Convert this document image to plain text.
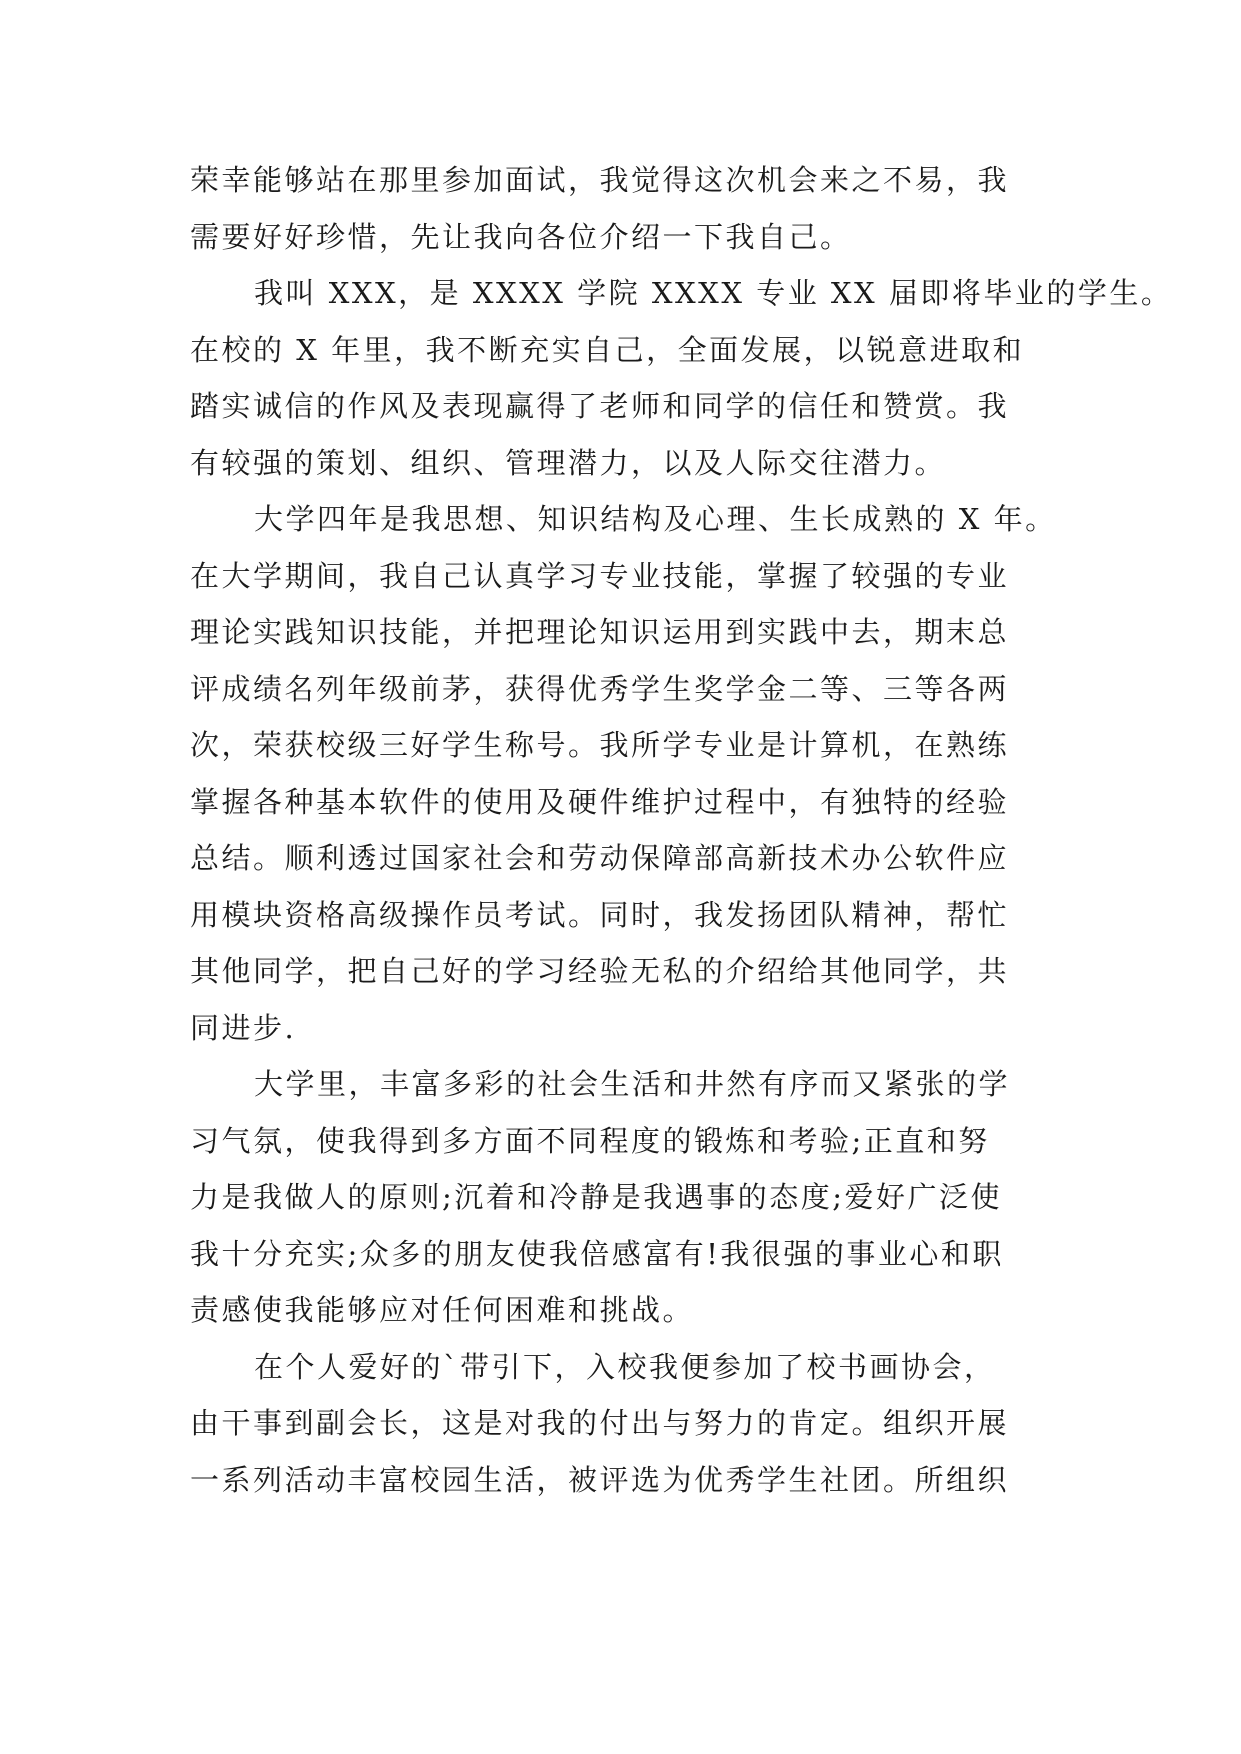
荣幸能够站在那里参加面试，我觉得这次机会来之不易，我
需要好好珍惜，先让我向各位介绍一下我自己。
我叫 XXX，是 XXXX 学院 XXXX 专业 XX 届即将毕业的学生。
在校的 X 年里，我不断充实自己，全面发展，以锐意进取和
踏实诚信的作风及表现赢得了老师和同学的信任和赞赏。我
有较强的策划、组织、管理潜力，以及人际交往潜力。
大学四年是我思想、知识结构及心理、生长成熟的 X 年。
在大学期间，我自己认真学习专业技能，掌握了较强的专业
理论实践知识技能，并把理论知识运用到实践中去，期末总
评成绩名列年级前茅，获得优秀学生奖学金二等、三等各两
次，荣获校级三好学生称号。我所学专业是计算机，在熟练
掌握各种基本软件的使用及硬件维护过程中，有独特的经验
总结。顺利透过国家社会和劳动保障部高新技术办公软件应
用模块资格高级操作员考试。同时，我发扬团队精神，帮忙
其他同学，把自己好的学习经验无私的介绍给其他同学，共
同进步.
大学里，丰富多彩的社会生活和井然有序而又紧张的学
习气氛，使我得到多方面不同程度的锻炼和考验;正直和努
力是我做人的原则;沉着和冷静是我遇事的态度;爱好广泛使
我十分充实;众多的朋友使我倍感富有!我很强的事业心和职
责感使我能够应对任何困难和挑战。
在个人爱好的`带引下，入校我便参加了校书画协会，
由干事到副会长，这是对我的付出与努力的肯定。组织开展
一系列活动丰富校园生活，被评选为优秀学生社团。所组织
